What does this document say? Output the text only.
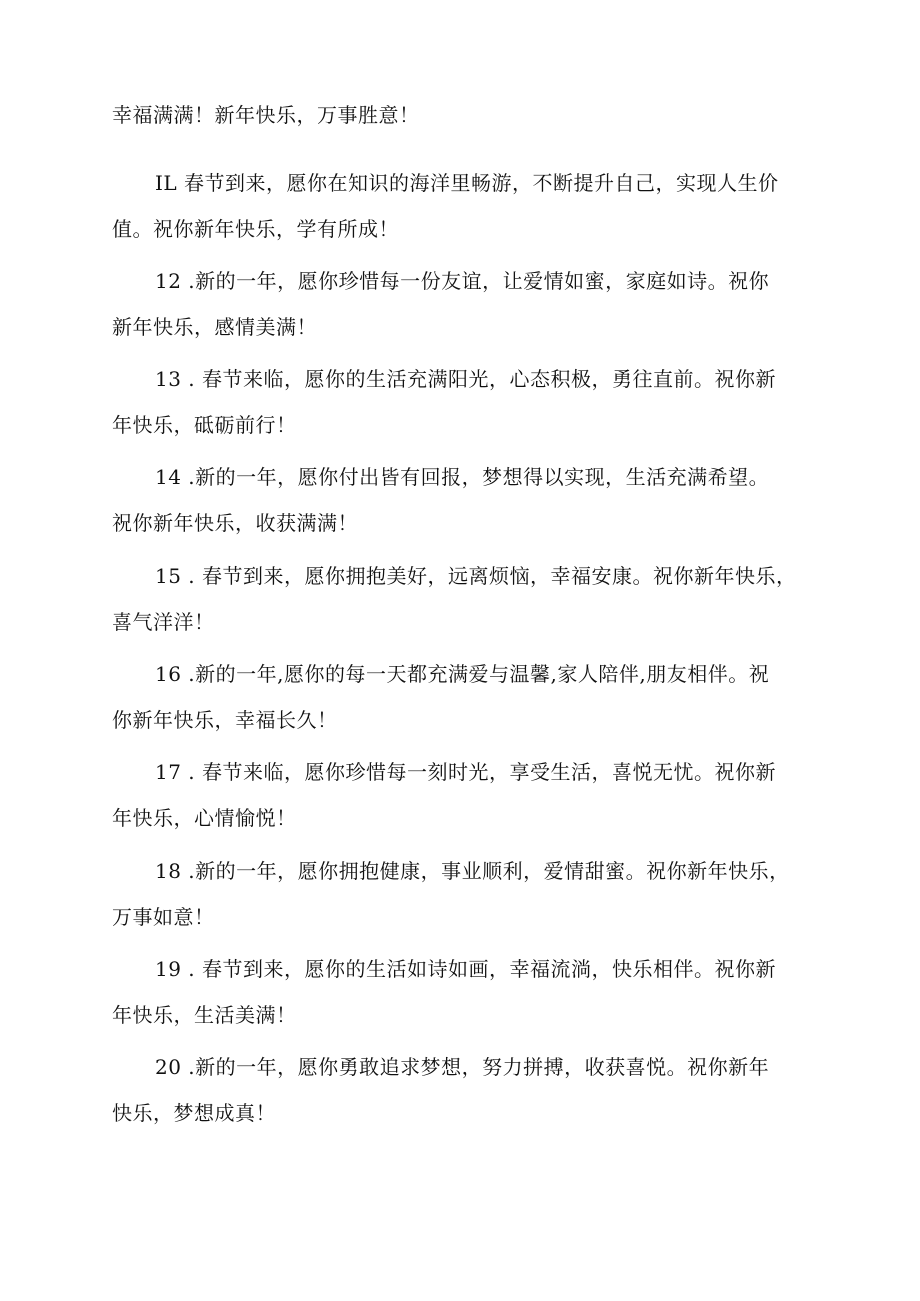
幸福满满！新年快乐，万事胜意！
IL 春节到来，愿你在知识的海洋里畅游，不断提升自己，实现人生价
值。祝你新年快乐，学有所成！
12 .新的一年，愿你珍惜每一份友谊，让爱情如蜜，家庭如诗。祝你
新年快乐，感情美满！
13 . 春节来临，愿你的生活充满阳光，心态积极，勇往直前。祝你新
年快乐，砥砺前行！
14 .新的一年，愿你付出皆有回报，梦想得以实现，生活充满希望。
祝你新年快乐，收获满满！
15 . 春节到来，愿你拥抱美好，远离烦恼，幸福安康。祝你新年快乐，
喜气洋洋！
16 .新的一年,愿你的每一天都充满爱与温馨,家人陪伴,朋友相伴。祝
你新年快乐，幸福长久！
17 . 春节来临，愿你珍惜每一刻时光，享受生活，喜悦无忧。祝你新
年快乐，心情愉悦！
18 .新的一年，愿你拥抱健康，事业顺利，爱情甜蜜。祝你新年快乐，
万事如意！
19 . 春节到来，愿你的生活如诗如画，幸福流淌，快乐相伴。祝你新
年快乐，生活美满！
20 .新的一年，愿你勇敢追求梦想，努力拼搏，收获喜悦。祝你新年
快乐，梦想成真！
